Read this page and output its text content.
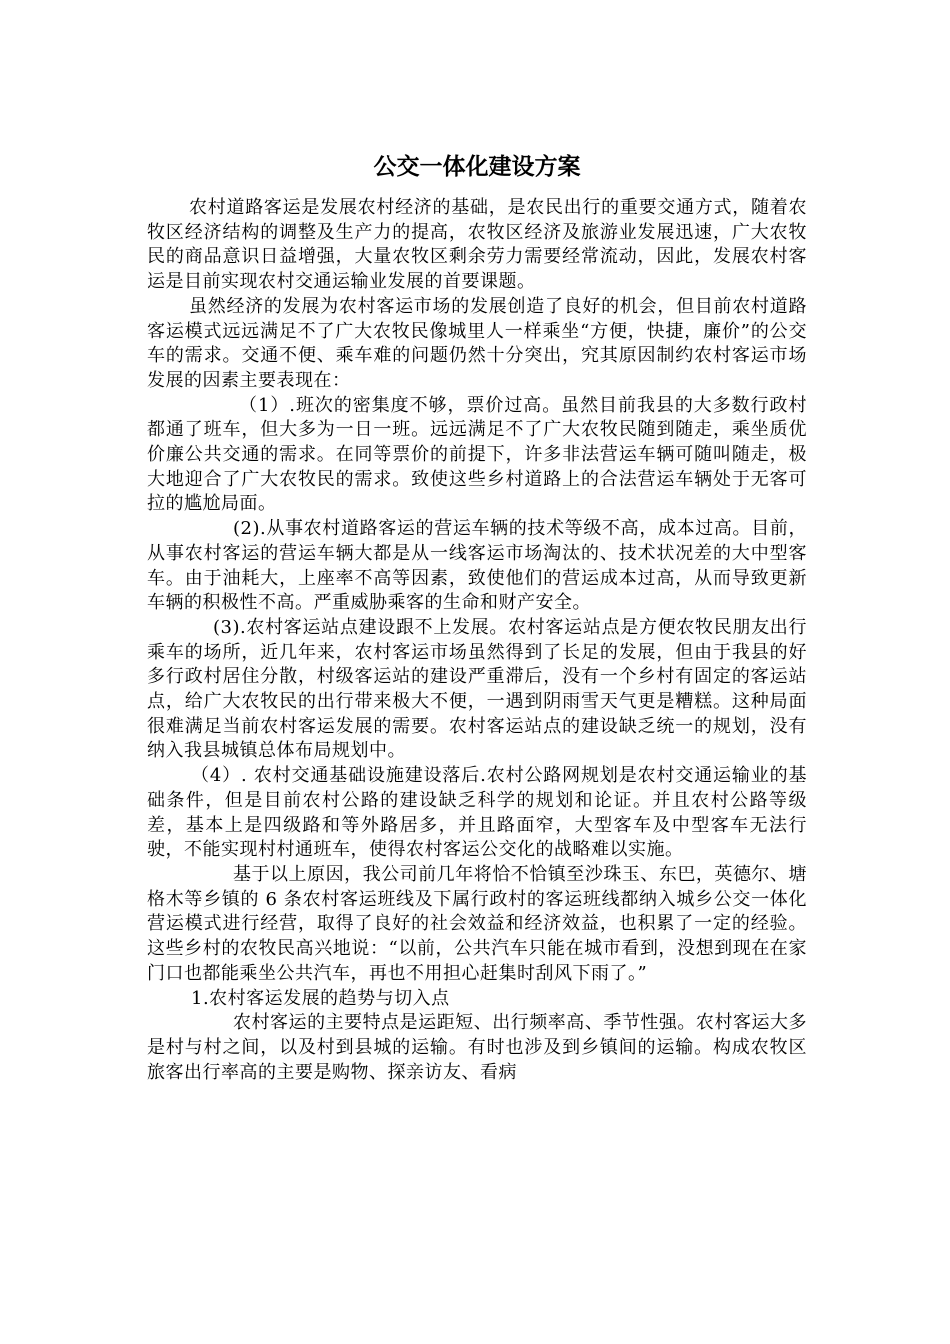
公交一体化建设方案

农村道路客运是发展农村经济的基础，是农民出行的重要交通方式，随着农牧区经济结构的调整及生产力的提高，农牧区经济及旅游业发展迅速，广大农牧民的商品意识日益增强，大量农牧区剩余劳力需要经常流动，因此，发展农村客运是目前实现农村交通运输业发展的首要课题。

虽然经济的发展为农村客运市场的发展创造了良好的机会，但目前农村道路客运模式远远满足不了广大农牧民像城里人一样乘坐“方便，快捷，廉价”的公交车的需求。交通不便、乘车难的问题仍然十分突出，究其原因制约农村客运市场发展的因素主要表现在：

（1）.班次的密集度不够，票价过高。虽然目前我县的大多数行政村都通了班车，但大多为一日一班。远远满足不了广大农牧民随到随走，乘坐质优价廉公共交通的需求。在同等票价的前提下，许多非法营运车辆可随叫随走，极大地迎合了广大农牧民的需求。致使这些乡村道路上的合法营运车辆处于无客可拉的尴尬局面。

(2).从事农村道路客运的营运车辆的技术等级不高，成本过高。目前，从事农村客运的营运车辆大都是从一线客运市场淘汰的、技术状况差的大中型客车。由于油耗大，上座率不高等因素，致使他们的营运成本过高，从而导致更新车辆的积极性不高。严重威胁乘客的生命和财产安全。

(3).农村客运站点建设跟不上发展。农村客运站点是方便农牧民朋友出行乘车的场所，近几年来，农村客运市场虽然得到了长足的发展，但由于我县的好多行政村居住分散，村级客运站的建设严重滞后，没有一个乡村有固定的客运站点，给广大农牧民的出行带来极大不便，一遇到阴雨雪天气更是糟糕。这种局面很难满足当前农村客运发展的需要。农村客运站点的建设缺乏统一的规划，没有纳入我县城镇总体布局规划中。

（4）. 农村交通基础设施建设落后.农村公路网规划是农村交通运输业的基础条件，但是目前农村公路的建设缺乏科学的规划和论证。并且农村公路等级差，基本上是四级路和等外路居多，并且路面窄，大型客车及中型客车无法行驶，不能实现村村通班车，使得农村客运公交化的战略难以实施。

基于以上原因，我公司前几年将恰不恰镇至沙珠玉、东巴，英德尔、塘格木等乡镇的 6 条农村客运班线及下属行政村的客运班线都纳入城乡公交一体化营运模式进行经营，取得了良好的社会效益和经济效益，也积累了一定的经验。这些乡村的农牧民高兴地说：“以前，公共汽车只能在城市看到，没想到现在在家门口也都能乘坐公共汽车，再也不用担心赶集时刮风下雨了。”

1.农村客运发展的趋势与切入点

农村客运的主要特点是运距短、出行频率高、季节性强。农村客运大多是村与村之间，以及村到县城的运输。有时也涉及到乡镇间的运输。构成农牧区旅客出行率高的主要是购物、探亲访友、看病
